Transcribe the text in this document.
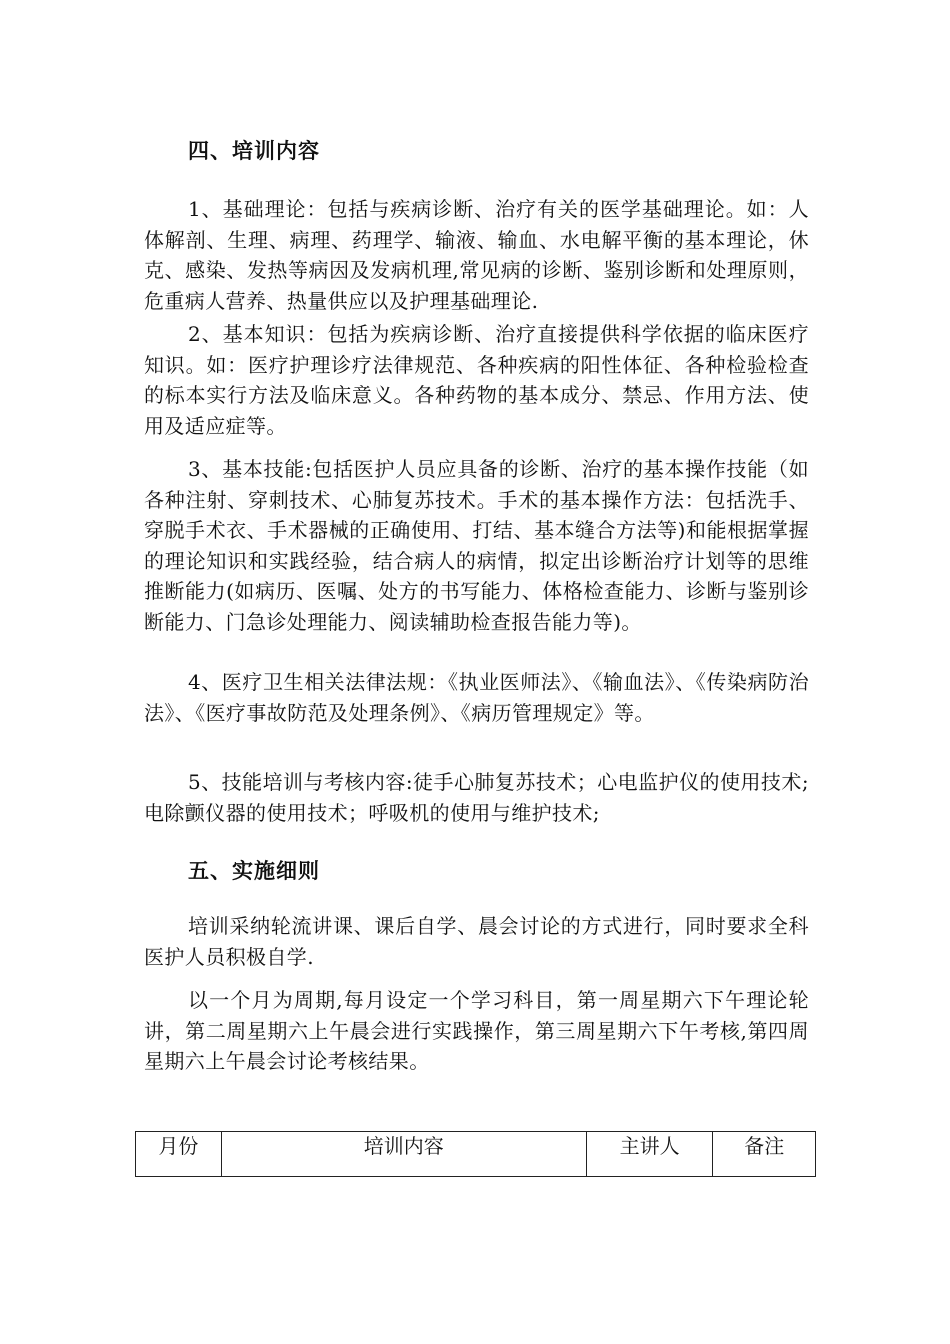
四、培训内容

1、基础理论：包括与疾病诊断、治疗有关的医学基础理论。如：人体解剖、生理、病理、药理学、输液、输血、水电解平衡的基本理论，休克、感染、发热等病因及发病机理,常见病的诊断、鉴别诊断和处理原则，危重病人营养、热量供应以及护理基础理论.

2、基本知识：包括为疾病诊断、治疗直接提供科学依据的临床医疗知识。如：医疗护理诊疗法律规范、各种疾病的阳性体征、各种检验检查的标本实行方法及临床意义。各种药物的基本成分、禁忌、作用方法、使用及适应症等。

3、基本技能:包括医护人员应具备的诊断、治疗的基本操作技能（如各种注射、穿刺技术、心肺复苏技术。手术的基本操作方法：包括洗手、穿脱手术衣、手术器械的正确使用、打结、基本缝合方法等)和能根据掌握的理论知识和实践经验，结合病人的病情，拟定出诊断治疗计划等的思维推断能力(如病历、医嘱、处方的书写能力、体格检查能力、诊断与鉴别诊断能力、门急诊处理能力、阅读辅助检查报告能力等)。

4、医疗卫生相关法律法规：《执业医师法》、《输血法》、《传染病防治法》、《医疗事故防范及处理条例》、《病历管理规定》等。

5、技能培训与考核内容:徒手心肺复苏技术；心电监护仪的使用技术;电除颤仪器的使用技术；呼吸机的使用与维护技术;

五、实施细则

培训采纳轮流讲课、课后自学、晨会讨论的方式进行，同时要求全科医护人员积极自学.

以一个月为周期,每月设定一个学习科目，第一周星期六下午理论轮讲，第二周星期六上午晨会进行实践操作，第三周星期六下午考核,第四周星期六上午晨会讨论考核结果。

月份	培训内容	主讲人	备注
